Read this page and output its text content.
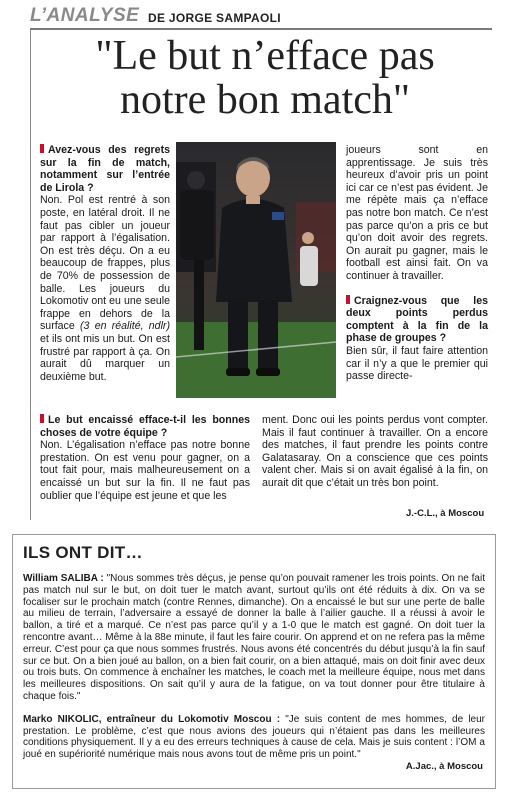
L’ANALYSE DE JORGE SAMPAOLI
"Le but n’efface pas
notre bon match"

Avez-vous des regrets sur la fin de match, notamment sur l’entrée de Lirola ?

Non. Pol est rentré à son poste, en latéral droit. Il ne faut pas cibler un joueur par rapport à l’égalisation. On est très déçu. On a eu beaucoup de frappes, plus de 70% de possession de balle. Les joueurs du Lokomotiv ont eu une seule frappe en dehors de la surface (3 en réalité, ndlr) et ils ont mis un but. On est frustré par rapport à ça. On aurait dû marquer un deuxième but.

joueurs sont en apprentissage. Je suis très heureux d’avoir pris un point ici car ce n’est pas évident. Je me répète mais ça n’efface pas notre bon match. Ce n’est pas parce qu’on a pris ce but qu’on doit avoir des regrets. On aurait pu gagner, mais le football est ainsi fait. On va continuer à travailler.

Craignez-vous que les deux points perdus comptent à la fin de la phase de groupes ?

Bien sûr, il faut faire attention car il n’y a que le premier qui passe directe-

Le but encaissé efface-t-il les bonnes choses de votre équipe ?

Non. L’égalisation n’efface pas notre bonne prestation. On est venu pour gagner, on a tout fait pour, mais malheureusement on a encaissé un but sur la fin. Il ne faut pas oublier que l’équipe est jeune et que les

ment. Donc oui les points perdus vont compter. Mais il faut continuer à travailler. On a encore des matches, il faut prendre les points contre Galatasaray. On a conscience que ces points valent cher. Mais si on avait égalisé à la fin, on aurait dit que c’était un très bon point.

J.-C.L., à Moscou
ILS ONT DIT…

William SALIBA : "Nous sommes très déçus, je pense qu’on pouvait ramener les trois points. On ne fait pas match nul sur le but, on doit tuer le match avant, surtout qu’ils ont été réduits à dix. On va se focaliser sur le prochain match (contre Rennes, dimanche). On a encaissé le but sur une perte de balle au milieu de terrain, l’adversaire a essayé de donner la balle à l’ailier gauche. Il a réussi à avoir le ballon, a tiré et a marqué. Ce n’est pas parce qu’il y a 1-0 que le match est gagné. On doit tuer la rencontre avant… Même à la 88e minute, il faut les faire courir. On apprend et on ne refera pas la même erreur. C’est pour ça que nous sommes frustrés. Nous avons été concentrés du début jusqu’à la fin sauf sur ce but. On a bien joué au ballon, on a bien fait courir, on a bien attaqué, mais on doit finir avec deux ou trois buts. On commence à enchaîner les matches, le coach met la meilleure équipe, nous met dans les meilleures dispositions. On sait qu’il y aura de la fatigue, on va tout donner pour être titulaire à chaque fois."

Marko NIKOLIC, entraîneur du Lokomotiv Moscou : "Je suis content de mes hommes, de leur prestation. Le problème, c’est que nous avions des joueurs qui n’étaient pas dans les meilleures conditions physiquement. Il y a eu des erreurs techniques à cause de cela. Mais je suis content : l’OM a joué en supériorité numérique mais nous avons tout de même pris un point."

A.Jac., à Moscou
